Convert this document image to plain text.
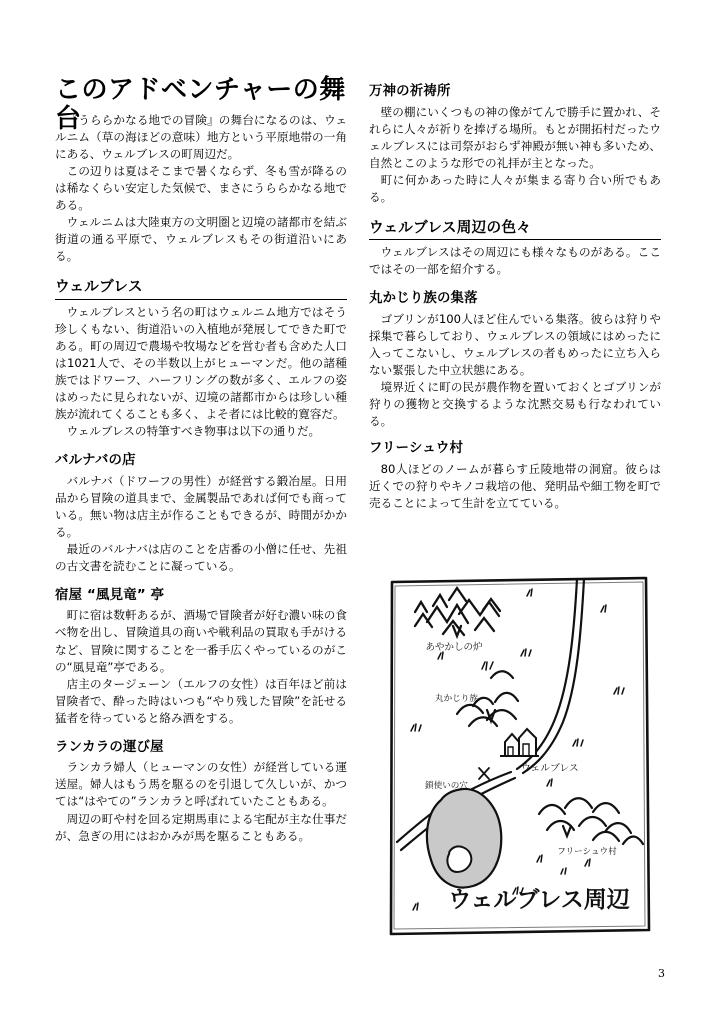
このアドベンチャーの舞台

『うららかなる地での冒険』の舞台になるのは、ウェルニム（草の海ほどの意味）地方という平原地帯の一角にある、ウェルブレスの町周辺だ。

この辺りは夏はそこまで暑くならず、冬も雪が降るのは稀なくらい安定した気候で、まさにうららかなる地である。

ウェルニムは大陸東方の文明圏と辺境の諸都市を結ぶ街道の通る平原で、ウェルブレスもその街道沿いにある。

ウェルブレス

ウェルブレスという名の町はウェルニム地方ではそう珍しくもない、街道沿いの入植地が発展してできた町である。町の周辺で農場や牧場などを営む者も含めた人口は1021人で、その半数以上がヒューマンだ。他の諸種族ではドワーフ、ハーフリングの数が多く、エルフの姿はめったに見られないが、辺境の諸都市からは珍しい種族が流れてくることも多く、よそ者には比較的寛容だ。

ウェルブレスの特筆すべき物事は以下の通りだ。

バルナバの店

バルナバ（ドワーフの男性）が経営する鍛冶屋。日用品から冒険の道具まで、金属製品であれば何でも商っている。無い物は店主が作ることもできるが、時間がかかる。

最近のバルナバは店のことを店番の小僧に任せ、先祖の古文書を読むことに凝っている。

宿屋 “風見竜” 亭

町に宿は数軒あるが、酒場で冒険者が好む濃い味の食べ物を出し、冒険道具の商いや戦利品の買取も手がけるなど、冒険に関することを一番手広くやっているのがこの“風見竜”亭である。

店主のタージェーン（エルフの女性）は百年ほど前は冒険者で、酔った時はいつも“やり残した冒険”を託せる猛者を待っていると絡み酒をする。

ランカラの運び屋

ランカラ婦人（ヒューマンの女性）が経営している運送屋。婦人はもう馬を駆るのを引退して久しいが、かつては“はやての”ランカラと呼ばれていたこともある。

周辺の町や村を回る定期馬車による宅配が主な仕事だが、急ぎの用にはおかみが馬を駆ることもある。

万神の祈祷所

壁の棚にいくつもの神の像がてんで勝手に置かれ、それらに人々が祈りを捧げる場所。もとが開拓村だったウェルブレスには司祭がおらず神殿が無い神も多いため、自然とこのような形での礼拝が主となった。

町に何かあった時に人々が集まる寄り合い所でもある。

ウェルブレス周辺の色々

ウェルブレスはその周辺にも様々なものがある。ここではその一部を紹介する。

丸かじり族の集落

ゴブリンが100人ほど住んでいる集落。彼らは狩りや採集で暮らしており、ウェルブレスの領域にはめったに入ってこないし、ウェルブレスの者もめったに立ち入らない緊張した中立状態にある。

境界近くに町の民が農作物を置いておくとゴブリンが狩りの獲物と交換するような沈黙交易も行なわれている。

フリーシュウ村

80人ほどのノームが暮らす丘陵地帯の洞窟。彼らは近くでの狩りやキノコ栽培の他、発明品や細工物を町で売ることによって生計を立てている。

あやかしの炉
丸かじり族
ウェルブレス
鎖使いの穴
フリーシュウ村
ウェルブレス周辺
3
